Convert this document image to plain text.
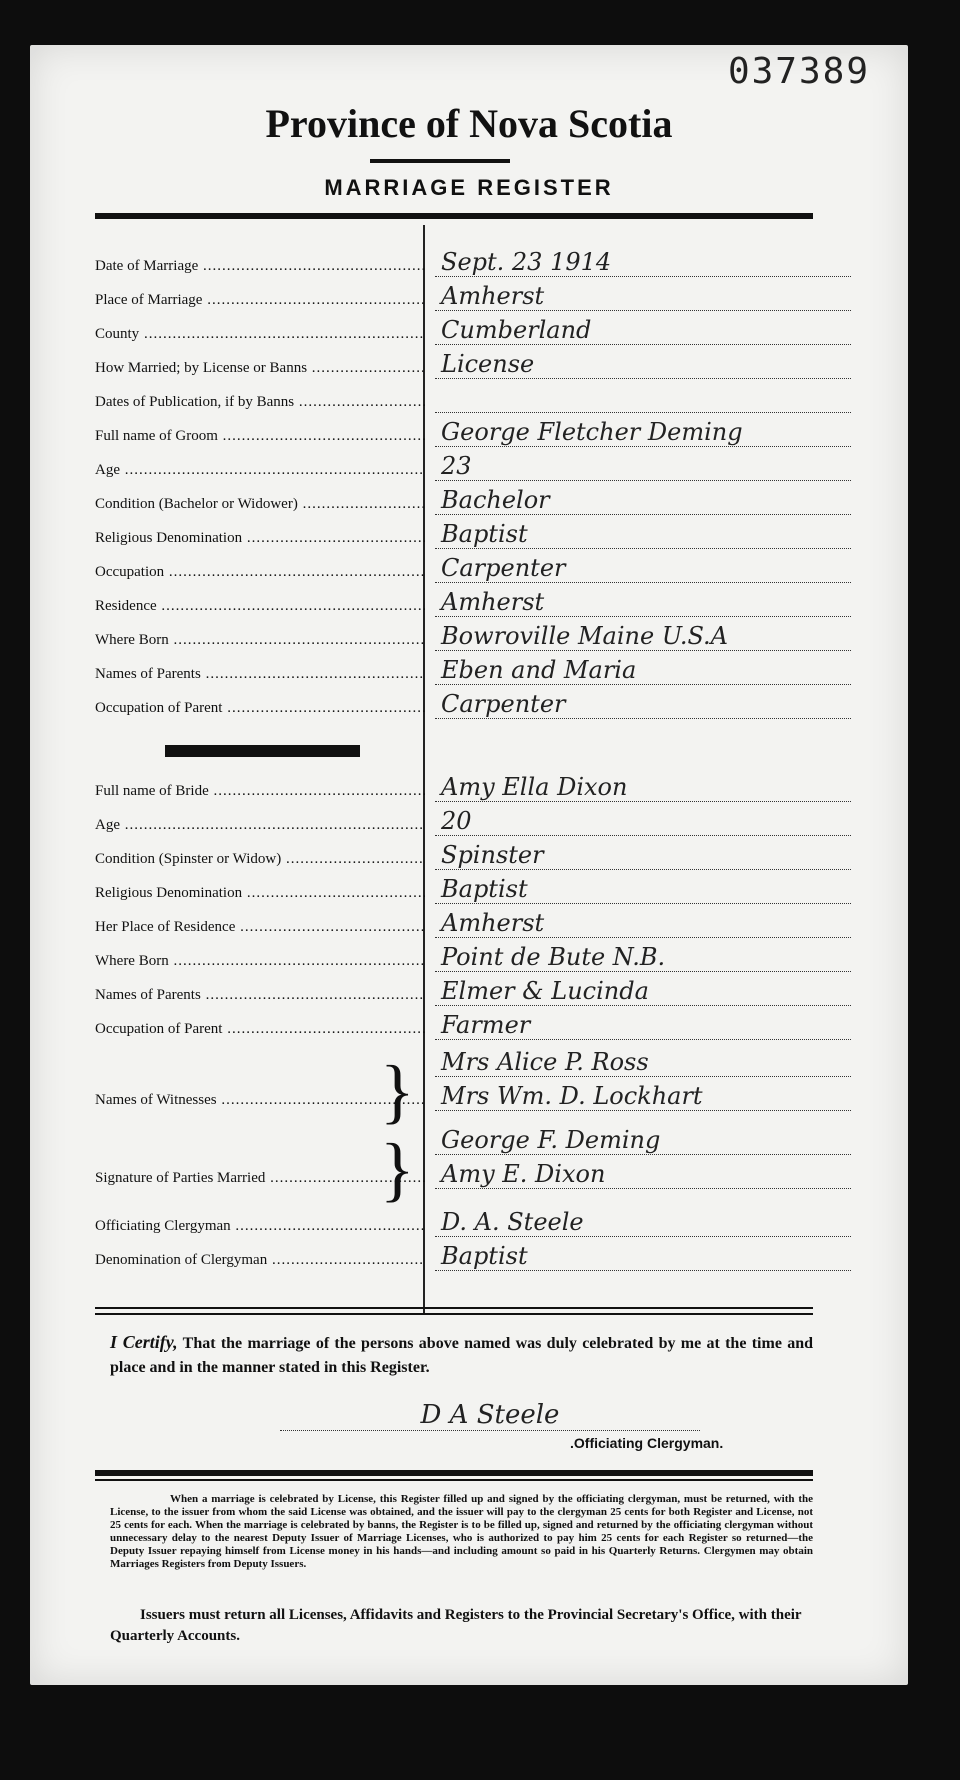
037389
Province of Nova Scotia
MARRIAGE REGISTER
Date of Marriage .....	Sept. 23 1914
Place of Marriage .....	Amherst
County .....	Cumberland
How Married; by License or Banns .....	License
Dates of Publication, if by Banns .....
Full name of Groom .....	George Fletcher Deming
Age .....	23
Condition (Bachelor or Widower) .....	Bachelor
Religious Denomination .....	Baptist
Occupation .....	Carpenter
Residence .....	Amherst
Where Born .....	Bowroville Maine U.S.A
Names of Parents .....	Eben and Maria
Occupation of Parent .....	Carpenter
Full name of Bride .....	Amy Ella Dixon
Age .....	20
Condition (Spinster or Widow) .....	Spinster
Religious Denomination .....	Baptist
Her Place of Residence .....	Amherst
Where Born .....	Point de Bute N.B.
Names of Parents .....	Elmer & Lucinda
Occupation of Parent .....	Farmer
Mrs Alice P. Ross
Names of Witnesses .....	Mrs Wm. D. Lockhart
}
George F. Deming
Signature of Parties Married .....	Amy E. Dixon
}
Officiating Clergyman .....	D. A. Steele
Denomination of Clergyman .....	Baptist
I Certify, That the marriage of the persons above named was duly celebrated by me at the time and place and in the manner stated in this Register.
D A Steele
.Officiating Clergyman.
When a marriage is celebrated by License, this Register filled up and signed by the officiating clergyman, must be returned, with the License, to the issuer from whom the said License was obtained, and the issuer will pay to the clergyman 25 cents for both Register and License, not 25 cents for each. When the marriage is celebrated by banns, the Register is to be filled up, signed and returned by the officiating clergyman without unnecessary delay to the nearest Deputy Issuer of Marriage Licenses, who is authorized to pay him 25 cents for each Register so returned—the Deputy Issuer repaying himself from License money in his hands—and including amount so paid in his Quarterly Returns. Clergymen may obtain Marriages Registers from Deputy Issuers.
Issuers must return all Licenses, Affidavits and Registers to the Provincial Secretary's Office, with their Quarterly Accounts.
